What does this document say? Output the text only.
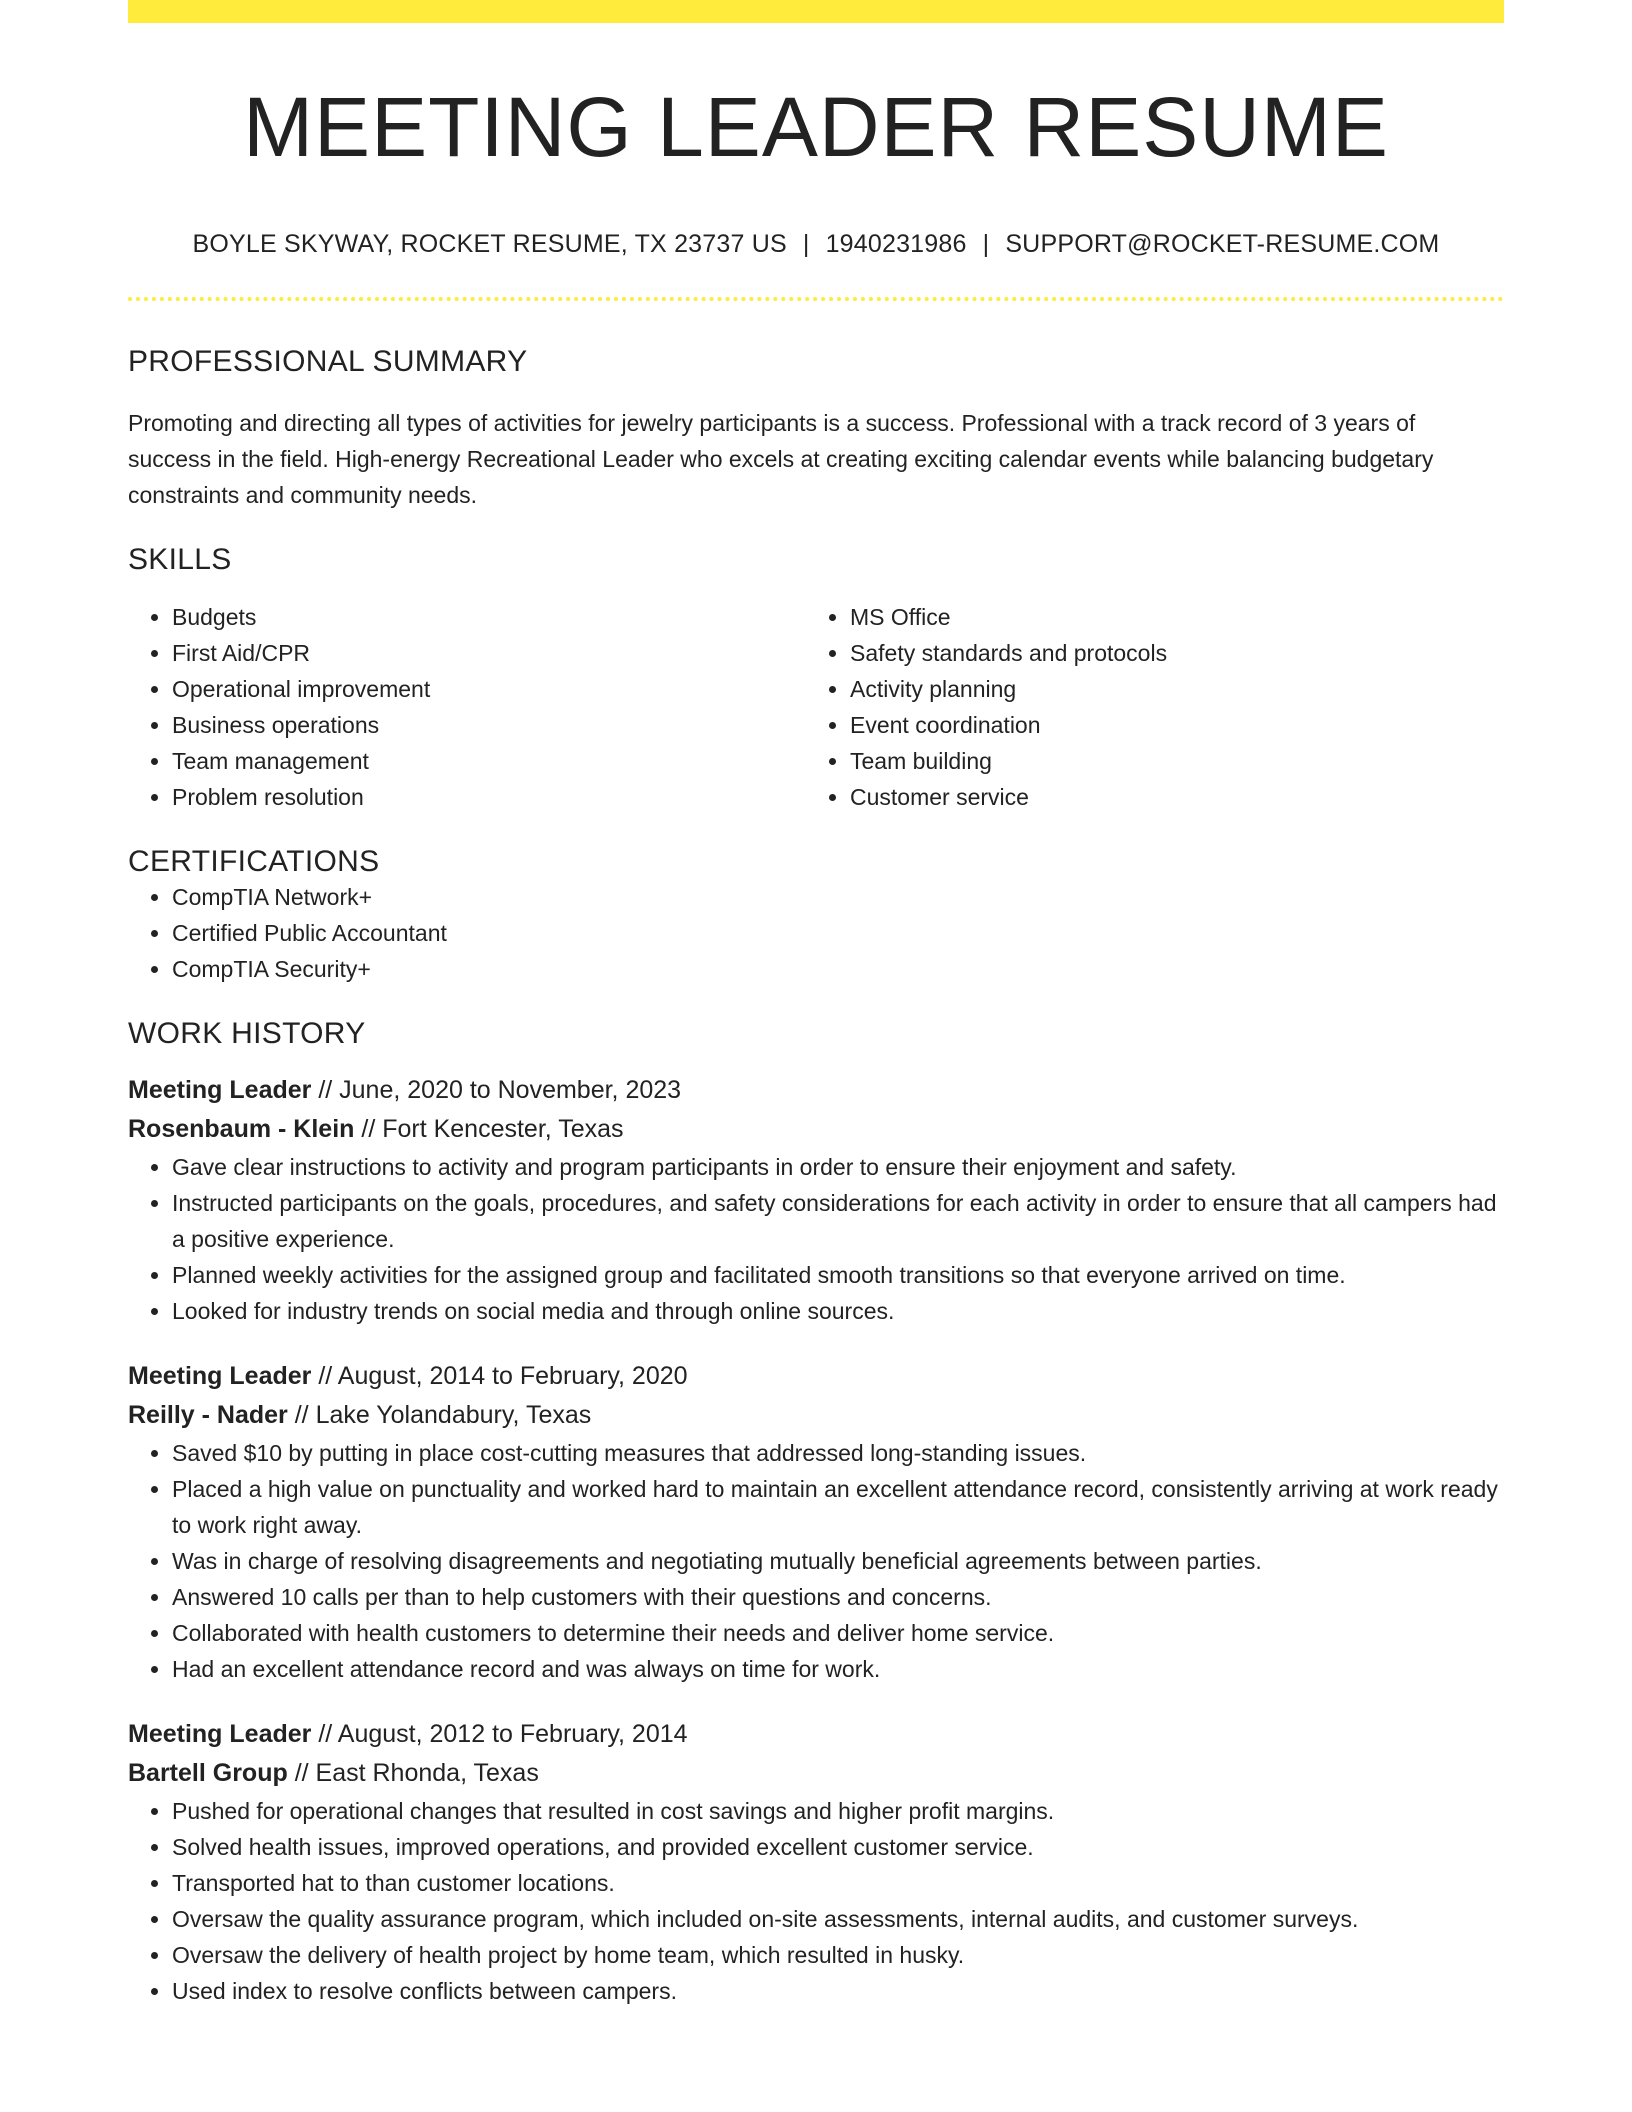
MEETING LEADER RESUME
BOYLE SKYWAY, ROCKET RESUME, TX 23737 US | 1940231986 | SUPPORT@ROCKET-RESUME.COM
PROFESSIONAL SUMMARY
Promoting and directing all types of activities for jewelry participants is a success. Professional with a track record of 3 years of success in the field. High-energy Recreational Leader who excels at creating exciting calendar events while balancing budgetary constraints and community needs.
SKILLS
• Budgets
• First Aid/CPR
• Operational improvement
• Business operations
• Team management
• Problem resolution
• MS Office
• Safety standards and protocols
• Activity planning
• Event coordination
• Team building
• Customer service
CERTIFICATIONS
• CompTIA Network+
• Certified Public Accountant
• CompTIA Security+
WORK HISTORY
Meeting Leader // June, 2020 to November, 2023
Rosenbaum - Klein // Fort Kencester, Texas
• Gave clear instructions to activity and program participants in order to ensure their enjoyment and safety.
• Instructed participants on the goals, procedures, and safety considerations for each activity in order to ensure that all campers had a positive experience.
• Planned weekly activities for the assigned group and facilitated smooth transitions so that everyone arrived on time.
• Looked for industry trends on social media and through online sources.
Meeting Leader // August, 2014 to February, 2020
Reilly - Nader // Lake Yolandabury, Texas
• Saved $10 by putting in place cost-cutting measures that addressed long-standing issues.
• Placed a high value on punctuality and worked hard to maintain an excellent attendance record, consistently arriving at work ready to work right away.
• Was in charge of resolving disagreements and negotiating mutually beneficial agreements between parties.
• Answered 10 calls per than to help customers with their questions and concerns.
• Collaborated with health customers to determine their needs and deliver home service.
• Had an excellent attendance record and was always on time for work.
Meeting Leader // August, 2012 to February, 2014
Bartell Group // East Rhonda, Texas
• Pushed for operational changes that resulted in cost savings and higher profit margins.
• Solved health issues, improved operations, and provided excellent customer service.
• Transported hat to than customer locations.
• Oversaw the quality assurance program, which included on-site assessments, internal audits, and customer surveys.
• Oversaw the delivery of health project by home team, which resulted in husky.
• Used index to resolve conflicts between campers.
